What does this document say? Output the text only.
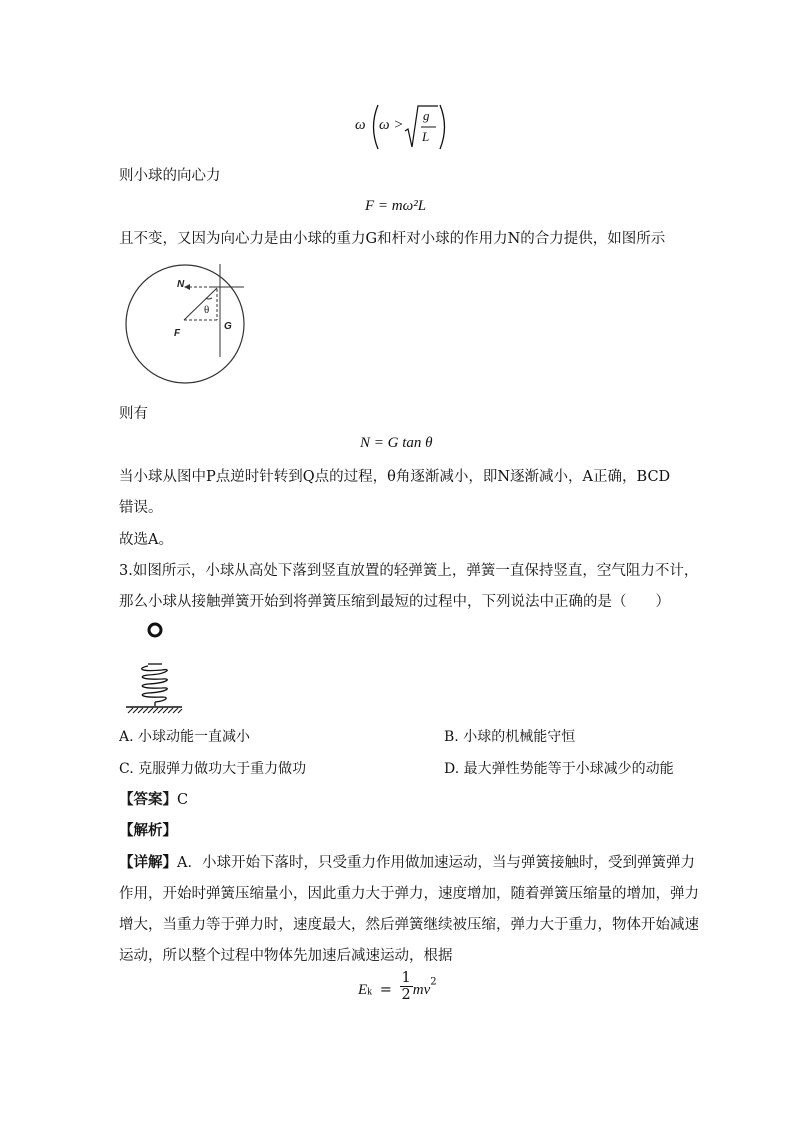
ω ω >
g
L
则小球的向心力
F = mω²L
且不变，又因为向心力是由小球的重力G和杆对小球的作用力N的合力提供，如图所示
N
θ
F
G
则有
N = G tan θ
当小球从图中P点逆时针转到Q点的过程，θ角逐渐减小，即N逐渐减小，A正确，BCD
错误。
故选A。
3.如图所示，小球从高处下落到竖直放置的轻弹簧上，弹簧一直保持竖直，空气阻力不计，
那么小球从接触弹簧开始到将弹簧压缩到最短的过程中，下列说法中正确的是（　　）
A. 小球动能一直减小	B. 小球的机械能守恒
C. 克服弹力做功大于重力做功	D. 最大弹性势能等于小球减少的动能
【答案】C
【解析】
【详解】A．小球开始下落时，只受重力作用做加速运动，当与弹簧接触时，受到弹簧弹力
作用，开始时弹簧压缩量小，因此重力大于弹力，速度增加，随着弹簧压缩量的增加，弹力
增大，当重力等于弹力时，速度最大，然后弹簧继续被压缩，弹力大于重力，物体开始减速
运动，所以整个过程中物体先加速后减速运动，根据
$E_k = \frac{1}{2} mv^2$
